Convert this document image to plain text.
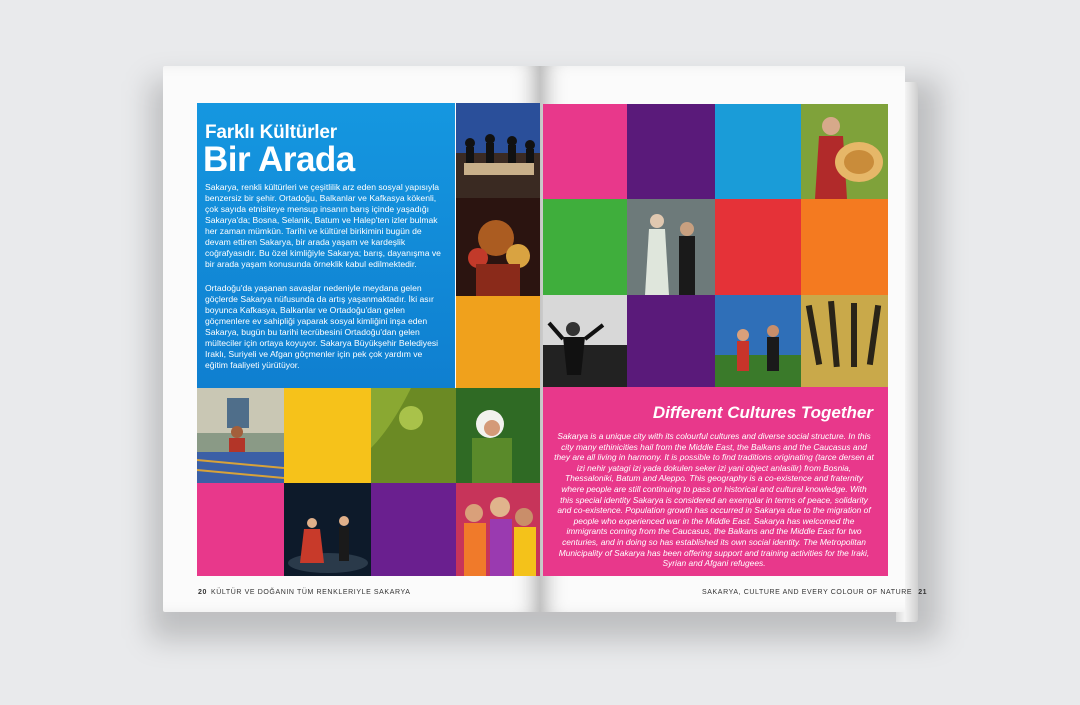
Farklı Kültürler
Bir Arada

Sakarya, renkli kültürleri ve çeşitlilik arz eden sosyal yapısıyla benzersiz bir şehir. Ortadoğu, Balkanlar ve Kafkasya kökenli, çok sayıda etnisiteye mensup insanın barış içinde yaşadığı Sakarya'da; Bosna, Selanik, Batum ve Halep'ten izler bulmak her zaman mümkün. Tarihi ve kültürel birikimini bugün de devam ettiren Sakarya, bir arada yaşam ve kardeşlik coğrafyasıdır. Bu özel kimliğiyle Sakarya; barış, dayanışma ve bir arada yaşam konusunda örneklik kabul edilmektedir.

Ortadoğu'da yaşanan savaşlar nedeniyle meydana gelen göçlerde Sakarya nüfusunda da artış yaşanmaktadır. İki asır boyunca Kafkasya, Balkanlar ve Ortadoğu'dan gelen göçmenlere ev sahipliği yaparak sosyal kimliğini inşa eden Sakarya, bugün bu tarihi tecrübesini Ortadoğu'dan gelen mülteciler için ortaya koyuyor. Sakarya Büyükşehir Belediyesi Iraklı, Suriyeli ve Afgan göçmenler için pek çok yardım ve eğitim faaliyeti yürütüyor.

20 KÜLTÜR VE DOĞANIN TÜM RENKLERIYLE SAKARYA
Different Cultures Together

Sakarya is a unique city with its colourful cultures and diverse social structure. In this city many ethinicities hail from the Middle East, the Balkans and the Caucasus and they are all living in harmony. It is possible to find traditions originating (tarce dersen at izi nehir yatagi izi yada dokulen seker izi yani object anlasilir) from Bosnia, Thessaloniki, Batum and Aleppo. This geography is a co-existence and fraternity where people are still continuing to pass on historical and cultural knowledge. With this special identity Sakarya is considered an exemplar in terms of peace, solidarity and co-existence. Population growth has occurred in Sakarya due to the migration of people who experienced war in the Middle East. Sakarya has welcomed the immigrants coming from the Caucasus, the Balkans and the Middle East for two centuries, and in doing so has established its own social identity. The Metropolitan Municipality of Sakarya has been offering support and training activities for the Iraki, Syrian and Afgani refugees.

SAKARYA, CULTURE AND EVERY COLOUR OF NATURE 21
